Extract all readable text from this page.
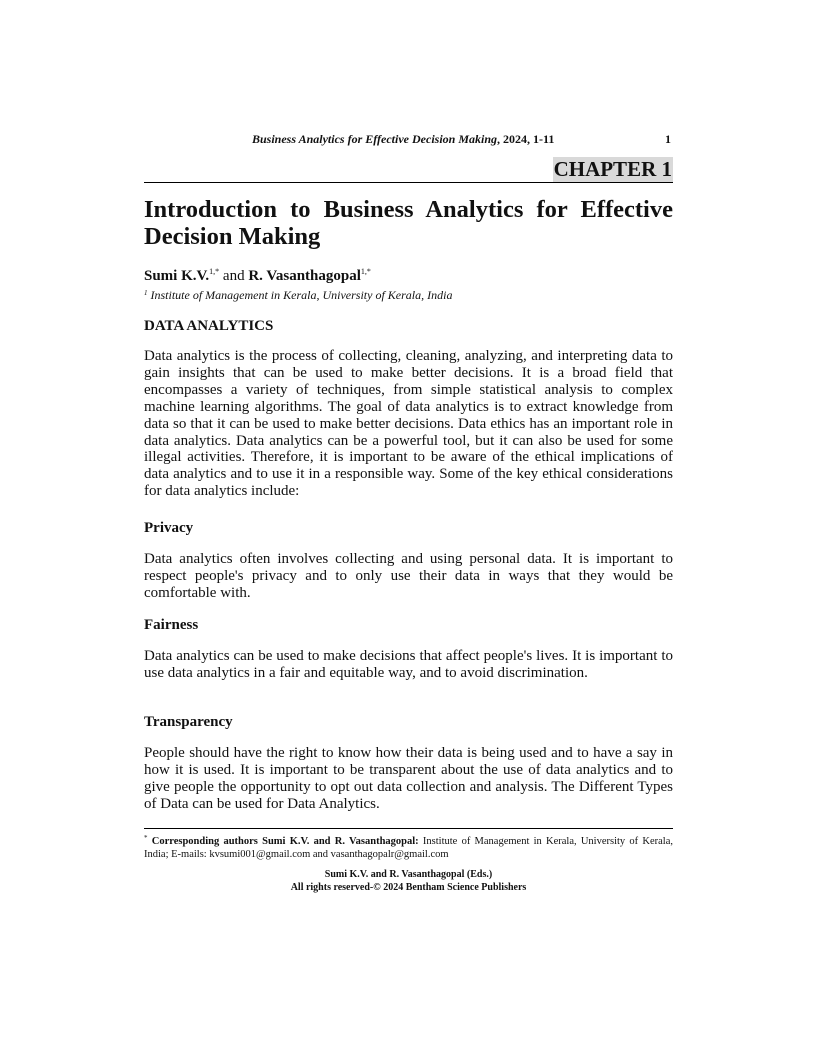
Business Analytics for Effective Decision Making, 2024, 1-11	1
CHAPTER 1
Introduction to Business Analytics for Effective Decision Making
Sumi K.V.$^{1,*}$ and R. Vasanthagopal$^{1,*}$
$^1$ Institute of Management in Kerala, University of Kerala, India
DATA ANALYTICS

Data analytics is the process of collecting, cleaning, analyzing, and interpreting data to gain insights that can be used to make better decisions. It is a broad field that encompasses a variety of techniques, from simple statistical analysis to complex machine learning algorithms. The goal of data analytics is to extract knowledge from data so that it can be used to make better decisions. Data ethics has an important role in data analytics. Data analytics can be a powerful tool, but it can also be used for some illegal activities. Therefore, it is important to be aware of the ethical implications of data analytics and to use it in a responsible way. Some of the key ethical considerations for data analytics include:

Privacy

Data analytics often involves collecting and using personal data. It is important to respect people's privacy and to only use their data in ways that they would be comfortable with.

Fairness

Data analytics can be used to make decisions that affect people's lives. It is important to use data analytics in a fair and equitable way, and to avoid discrimination.

Transparency

People should have the right to know how their data is being used and to have a say in how it is used. It is important to be transparent about the use of data analytics and to give people the opportunity to opt out data collection and analysis. The Different Types of Data can be used for Data Analytics.

* Corresponding authors Sumi K.V. and R. Vasanthagopal: Institute of Management in Kerala, University of Kerala, India; E-mails: kvsumi001@gmail.com and vasanthagopalr@gmail.com
Sumi K.V. and R. Vasanthagopal (Eds.)
All rights reserved-© 2024 Bentham Science Publishers
